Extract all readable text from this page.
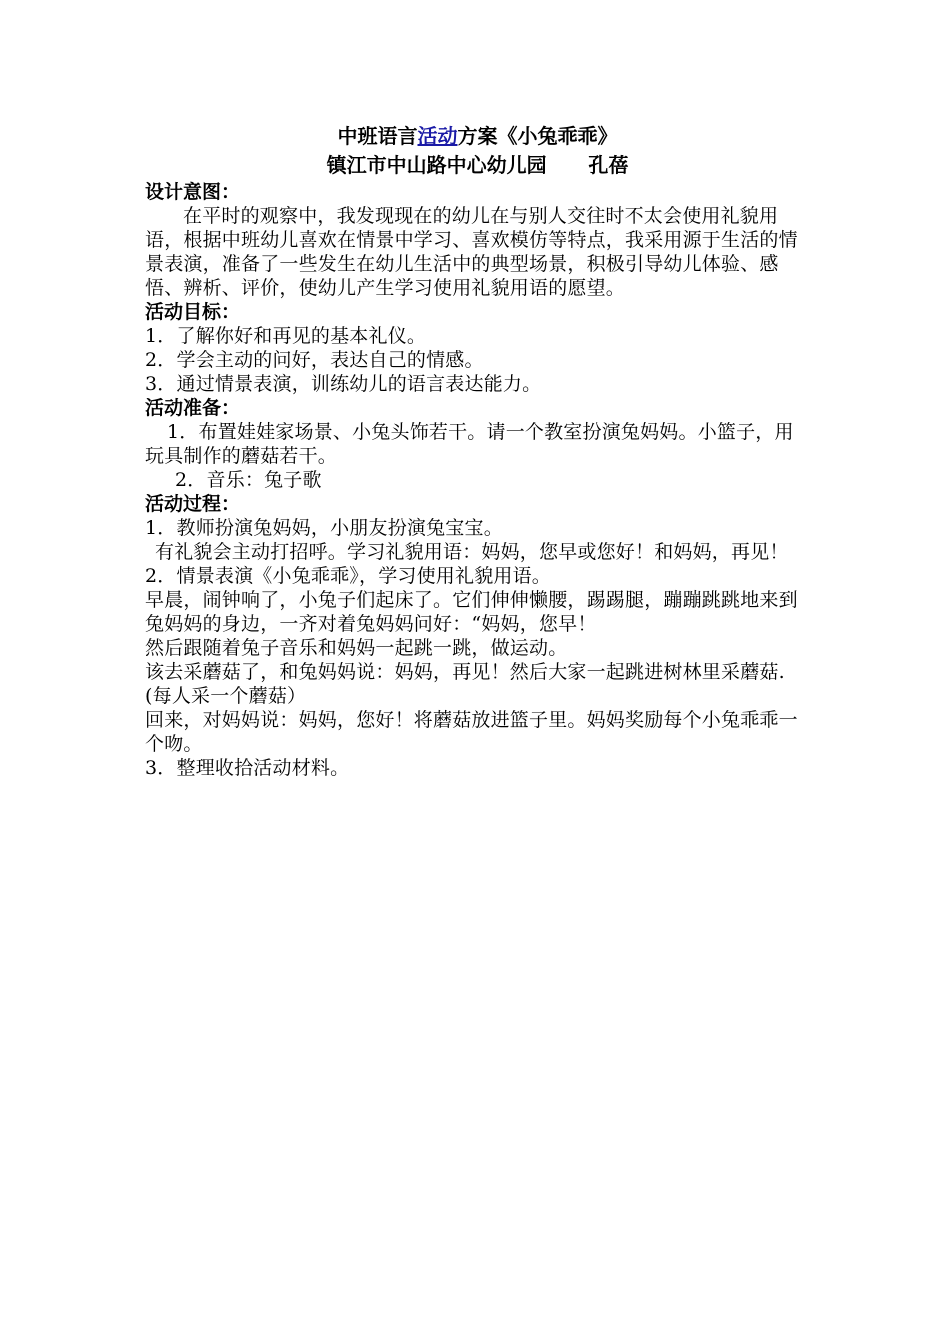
中班语言活动方案《小兔乖乖》
镇江市中山路中心幼儿园      孔蓓

设计意图：

在平时的观察中，我发现现在的幼儿在与别人交往时不太会使用礼貌用语，根据中班幼儿喜欢在情景中学习、喜欢模仿等特点，我采用源于生活的情景表演，准备了一些发生在幼儿生活中的典型场景，积极引导幼儿体验、感悟、辨析、评价，使幼儿产生学习使用礼貌用语的愿望。

活动目标：

1．了解你好和再见的基本礼仪。

2．学会主动的问好，表达自己的情感。

3．通过情景表演，训练幼儿的语言表达能力。

活动准备：

1．布置娃娃家场景、小兔头饰若干。请一个教室扮演兔妈妈。小篮子，用玩具制作的蘑菇若干。

2．音乐：兔子歌

活动过程：

1．教师扮演兔妈妈，小朋友扮演兔宝宝。

有礼貌会主动打招呼。学习礼貌用语：妈妈，您早或您好！和妈妈，再见！

2．情景表演《小兔乖乖》，学习使用礼貌用语。

早晨，闹钟响了，小兔子们起床了。它们伸伸懒腰，踢踢腿，蹦蹦跳跳地来到兔妈妈的身边，一齐对着兔妈妈问好：“妈妈，您早！

然后跟随着兔子音乐和妈妈一起跳一跳，做运动。

该去采蘑菇了，和兔妈妈说：妈妈，再见！然后大家一起跳进树林里采蘑菇.(每人采一个蘑菇）

回来，对妈妈说：妈妈，您好！将蘑菇放进篮子里。妈妈奖励每个小兔乖乖一个吻。

3．整理收拾活动材料。
